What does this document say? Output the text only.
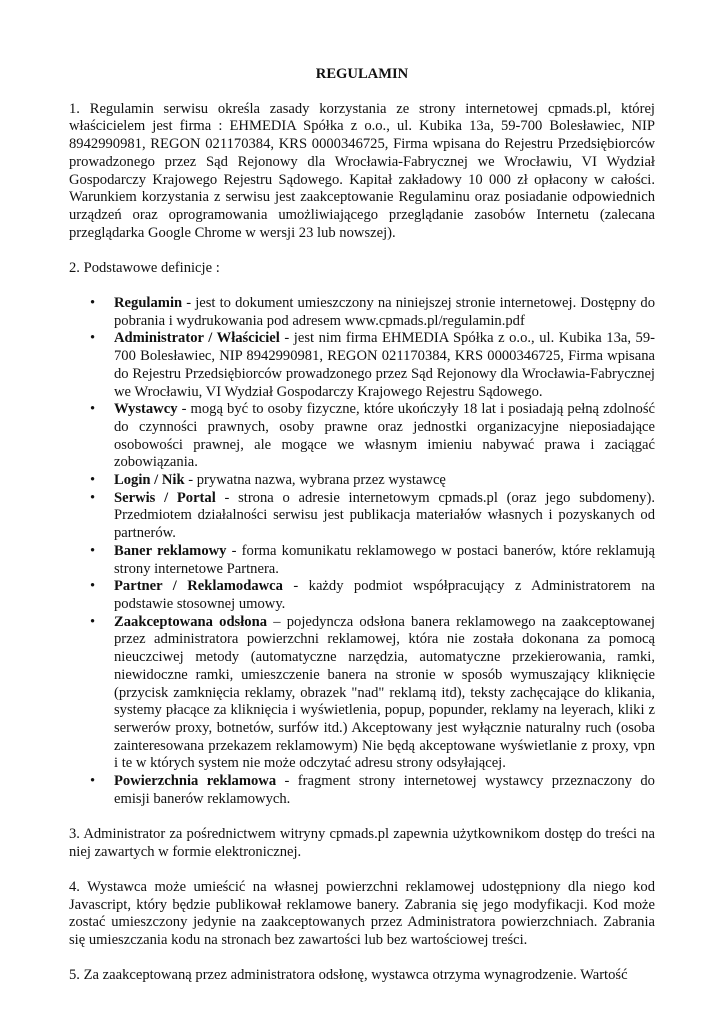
REGULAMIN

1. Regulamin serwisu określa zasady korzystania ze strony internetowej cpmads.pl, której właścicielem jest firma : EHMEDIA Spółka z o.o., ul. Kubika 13a, 59-700 Bolesławiec, NIP 8942990981, REGON 021170384, KRS 0000346725, Firma wpisana do Rejestru Przedsiębiorców prowadzonego przez Sąd Rejonowy dla Wrocławia-Fabrycznej we Wrocławiu, VI Wydział Gospodarczy Krajowego Rejestru Sądowego. Kapitał zakładowy 10 000 zł opłacony w całości. Warunkiem korzystania z serwisu jest zaakceptowanie Regulaminu oraz posiadanie odpowiednich urządzeń oraz oprogramowania umożliwiającego przeglądanie zasobów Internetu (zalecana przeglądarka Google Chrome w wersji 23 lub nowszej).

2. Podstawowe definicje :

• Regulamin - jest to dokument umieszczony na niniejszej stronie internetowej. Dostępny do pobrania i wydrukowania pod adresem www.cpmads.pl/regulamin.pdf
• Administrator / Właściciel - jest nim firma EHMEDIA Spółka z o.o., ul. Kubika 13a, 59-700 Bolesławiec, NIP 8942990981, REGON 021170384, KRS 0000346725, Firma wpisana do Rejestru Przedsiębiorców prowadzonego przez Sąd Rejonowy dla Wrocławia-Fabrycznej we Wrocławiu, VI Wydział Gospodarczy Krajowego Rejestru Sądowego.
• Wystawcy - mogą być to osoby fizyczne, które ukończyły 18 lat i posiadają pełną zdolność do czynności prawnych, osoby prawne oraz jednostki organizacyjne nieposiadające osobowości prawnej, ale mogące we własnym imieniu nabywać prawa i zaciągać zobowiązania.
• Login / Nik - prywatna nazwa, wybrana przez wystawcę
• Serwis / Portal - strona o adresie internetowym cpmads.pl (oraz jego subdomeny). Przedmiotem działalności serwisu jest publikacja materiałów własnych i pozyskanych od partnerów.
• Baner reklamowy - forma komunikatu reklamowego w postaci banerów, które reklamują strony internetowe Partnera.
• Partner / Reklamodawca - każdy podmiot współpracujący z Administratorem na podstawie stosownej umowy.
• Zaakceptowana odsłona – pojedyncza odsłona banera reklamowego na zaakceptowanej przez administratora powierzchni reklamowej, która nie została dokonana za pomocą nieuczciwej metody (automatyczne narzędzia, automatyczne przekierowania, ramki, niewidoczne ramki, umieszczenie banera na stronie w sposób wymuszający kliknięcie (przycisk zamknięcia reklamy, obrazek "nad" reklamą itd), teksty zachęcające do klikania, systemy płacące za kliknięcia i wyświetlenia, popup, popunder, reklamy na leyerach, kliki z serwerów proxy, botnetów, surfów itd.) Akceptowany jest wyłącznie naturalny ruch (osoba zainteresowana przekazem reklamowym) Nie będą akceptowane wyświetlanie z proxy, vpn i te w których system nie może odczytać adresu strony odsyłającej.
• Powierzchnia reklamowa - fragment strony internetowej wystawcy przeznaczony do emisji banerów reklamowych.

3. Administrator za pośrednictwem witryny cpmads.pl zapewnia użytkownikom dostęp do treści na niej zawartych w formie elektronicznej.

4. Wystawca może umieścić na własnej powierzchni reklamowej udostępniony dla niego kod Javascript, który będzie publikował reklamowe banery. Zabrania się jego modyfikacji. Kod może zostać umieszczony jedynie na zaakceptowanych przez Administratora powierzchniach. Zabrania się umieszczania kodu na stronach bez zawartości lub bez wartościowej treści.

5. Za zaakceptowaną przez administratora odsłonę, wystawca otrzyma wynagrodzenie. Wartość
